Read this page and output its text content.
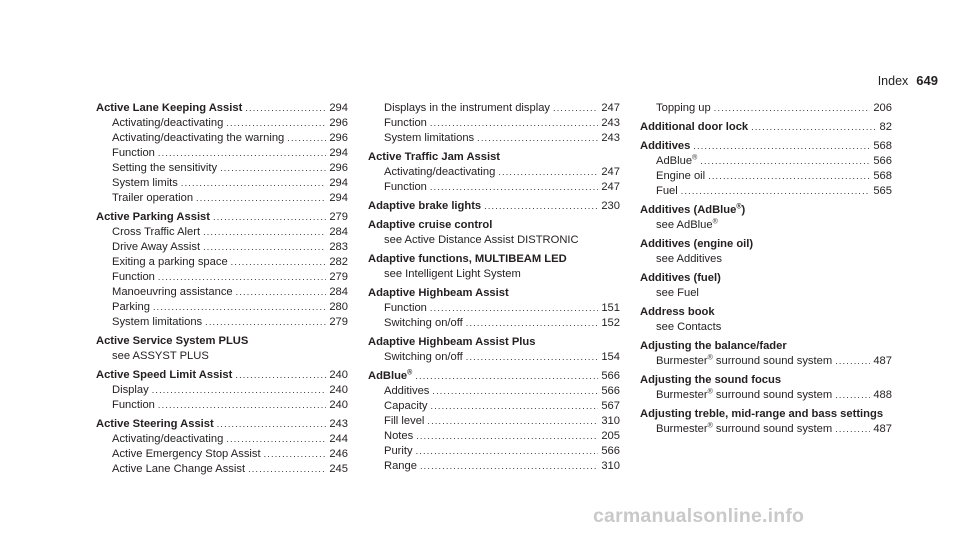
Index 649
Active Lane Keeping Assist .....	294
Activating/deactivating .....	296
Activating/deactivating the warning .....	296
Function .....	294
Setting the sensitivity .....	296
System limits .....	294
Trailer operation .....	294
Active Parking Assist .....	279
Cross Traffic Alert .....	284
Drive Away Assist .....	283
Exiting a parking space .....	282
Function .....	279
Manoeuvring assistance .....	284
Parking .....	280
System limitations .....	279
Active Service System PLUS
see ASSYST PLUS
Active Speed Limit Assist .....	240
Display .....	240
Function .....	240
Active Steering Assist .....	243
Activating/deactivating .....	244
Active Emergency Stop Assist .....	246
Active Lane Change Assist .....	245
Displays in the instrument display .....	247
Function .....	243
System limitations .....	243
Active Traffic Jam Assist
Activating/deactivating .....	247
Function .....	247
Adaptive brake lights .....	230
Adaptive cruise control
see Active Distance Assist DISTRONIC
Adaptive functions, MULTIBEAM LED
see Intelligent Light System
Adaptive Highbeam Assist
Function .....	151
Switching on/off .....	152
Adaptive Highbeam Assist Plus
Switching on/off .....	154
AdBlue® .....	566
Additives .....	566
Capacity .....	567
Fill level .....	310
Notes .....	205
Purity .....	566
Range .....	310
Topping up .....	206
Additional door lock .....	82
Additives .....	568
AdBlue® .....	566
Engine oil .....	568
Fuel .....	565
Additives (AdBlue®)
see AdBlue®
Additives (engine oil)
see Additives
Additives (fuel)
see Fuel
Address book
see Contacts
Adjusting the balance/fader
Burmester® surround sound system .....	487
Adjusting the sound focus
Burmester® surround sound system .....	488
Adjusting treble, mid-range and bass settings
Burmester® surround sound system .....	487
carmanualsonline.info
